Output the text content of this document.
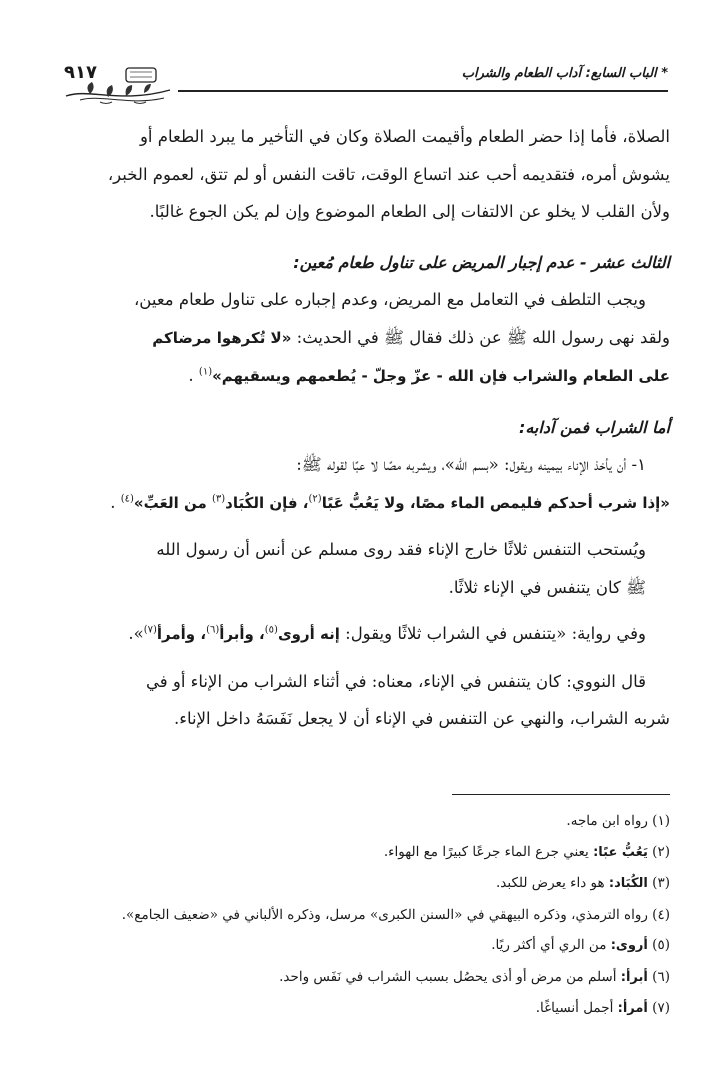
* الباب السابع: آداب الطعام والشراب
٩١٧

الصلاة، فأما إذا حضر الطعام وأقيمت الصلاة وكان في التأخير ما يبرد الطعام أو

يشوش أمره، فتقديمه أحب عند اتساع الوقت، تاقت النفس أو لم تتق، لعموم الخبر،

ولأن القلب لا يخلو عن الالتفات إلى الطعام الموضوع وإن لم يكن الجوع غالبًا.

الثالث عشر - عدم إجبار المريض على تناول طعام مُعين:

ويجب التلطف في التعامل مع المريض، وعدم إجباره على تناول طعام معين،

ولقد نهى رسول الله ﷺ عن ذلك فقال ﷺ في الحديث: «لا تُكرهوا مرضاكم

على الطعام والشراب فإن الله - عزّ وجلّ - يُطعمهم ويسقيهم»$^{(١)}$ .

أما الشراب فمن آدابه:

١- أن يأخذ الإناء بيمينه ويقول: «بسم الله»، ويشربه مصًا لا عبًا لقوله ﷺ:

«إذا شرب أحدكم فليمص الماء مصًا، ولا يَعُبُّ عَبًا$^{(٢)}$، فإن الكُبَاد$^{(٣)}$ من العَبِّ»$^{(٤)}$ .

ويُستحب التنفس ثلاثًا خارج الإناء فقد روى مسلم عن أنس أن رسول الله

ﷺ كان يتنفس في الإناء ثلاثًا.

وفي رواية: «يتنفس في الشراب ثلاثًا ويقول: إنه أروى$^{(٥)}$، وأبرأ$^{(٦)}$، وأمرأ$^{(٧)}$».

قال النووي: كان يتنفس في الإناء، معناه: في أثناء الشراب من الإناء أو في

شربه الشراب، والنهي عن التنفس في الإناء أن لا يجعل نَفَسَهُ داخل الإناء.

(١) رواه ابن ماجه.

(٢) يَعُبُّ عبًا: يعني جرع الماء جرعًا كبيرًا مع الهواء.

(٣) الكُبَاد: هو داء يعرض للكبد.

(٤) رواه الترمذي، وذكره البيهقي في «السنن الكبرى» مرسل، وذكره الألباني في «ضعيف الجامع».

(٥) أروى: من الري أي أكثر ريًا.

(٦) أبرأ: أسلم من مرض أو أذى يحصُل بسبب الشراب في نَفَس واحد.

(٧) أمرأ: أجمل أنسياغًا.
